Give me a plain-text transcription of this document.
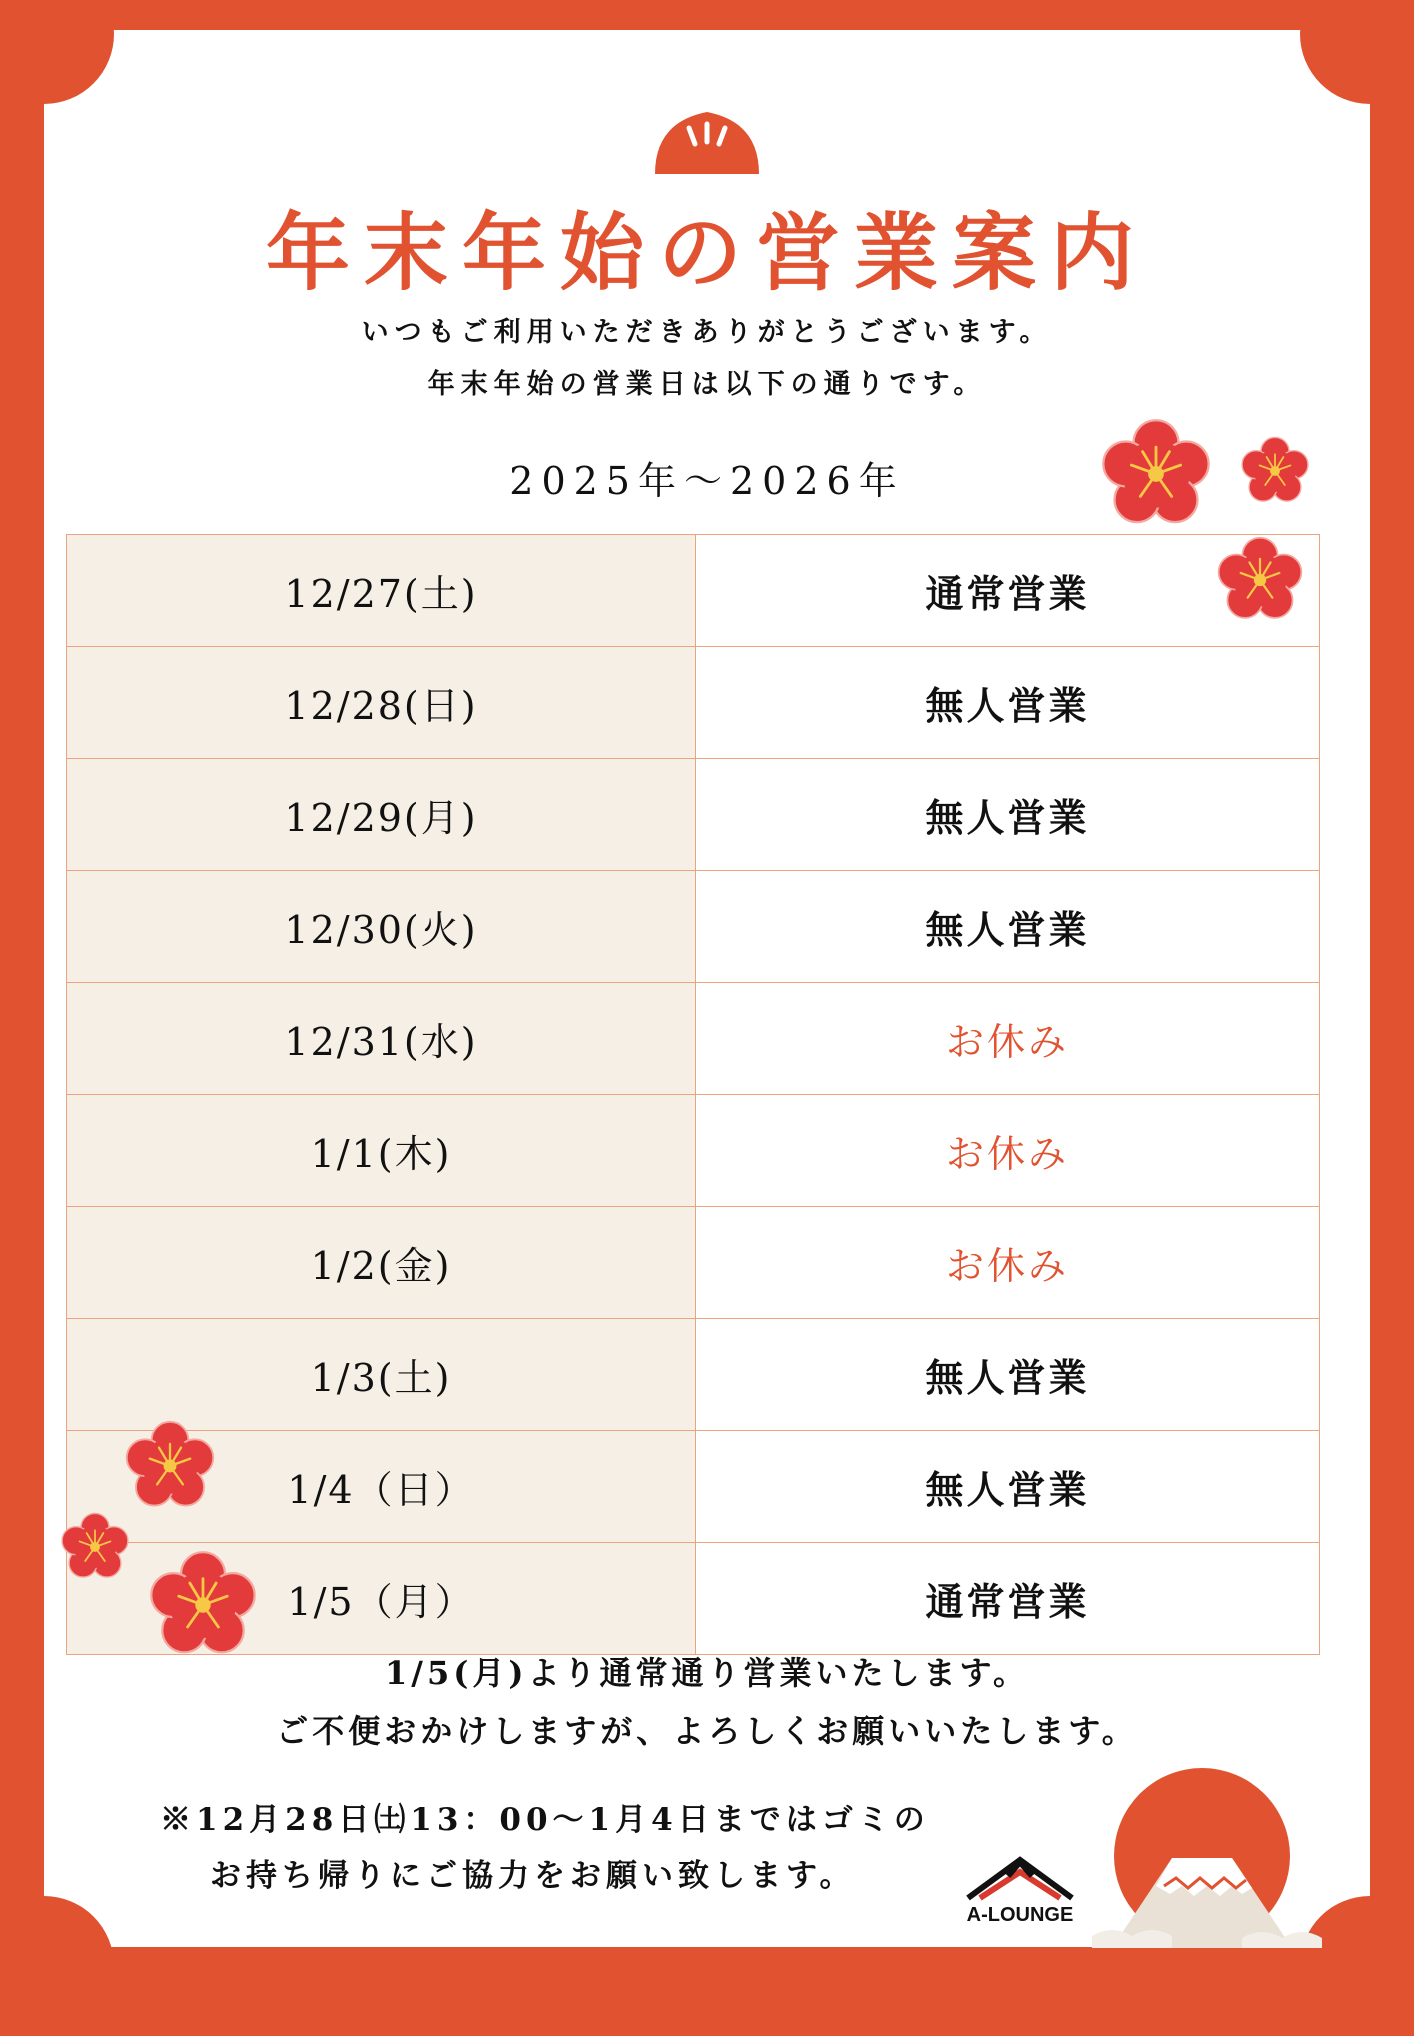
年末年始の営業案内
いつもご利用いただきありがとうございます。
年末年始の営業日は以下の通りです。
2025年～2026年
12/27(土)	通常営業
12/28(日)	無人営業
12/29(月)	無人営業
12/30(火)	無人営業
12/31(水)	お休み
1/1(木)	お休み
1/2(金)	お休み
1/3(土)	無人営業
1/4（日）	無人営業
1/5（月）	通常営業
1/5(月)より通常通り営業いたします。
ご不便おかけしますが、よろしくお願いいたします。
※12月28日㈯13：00～1月4日まではゴミの
お持ち帰りにご協力をお願い致します。
A-LOUNGE
